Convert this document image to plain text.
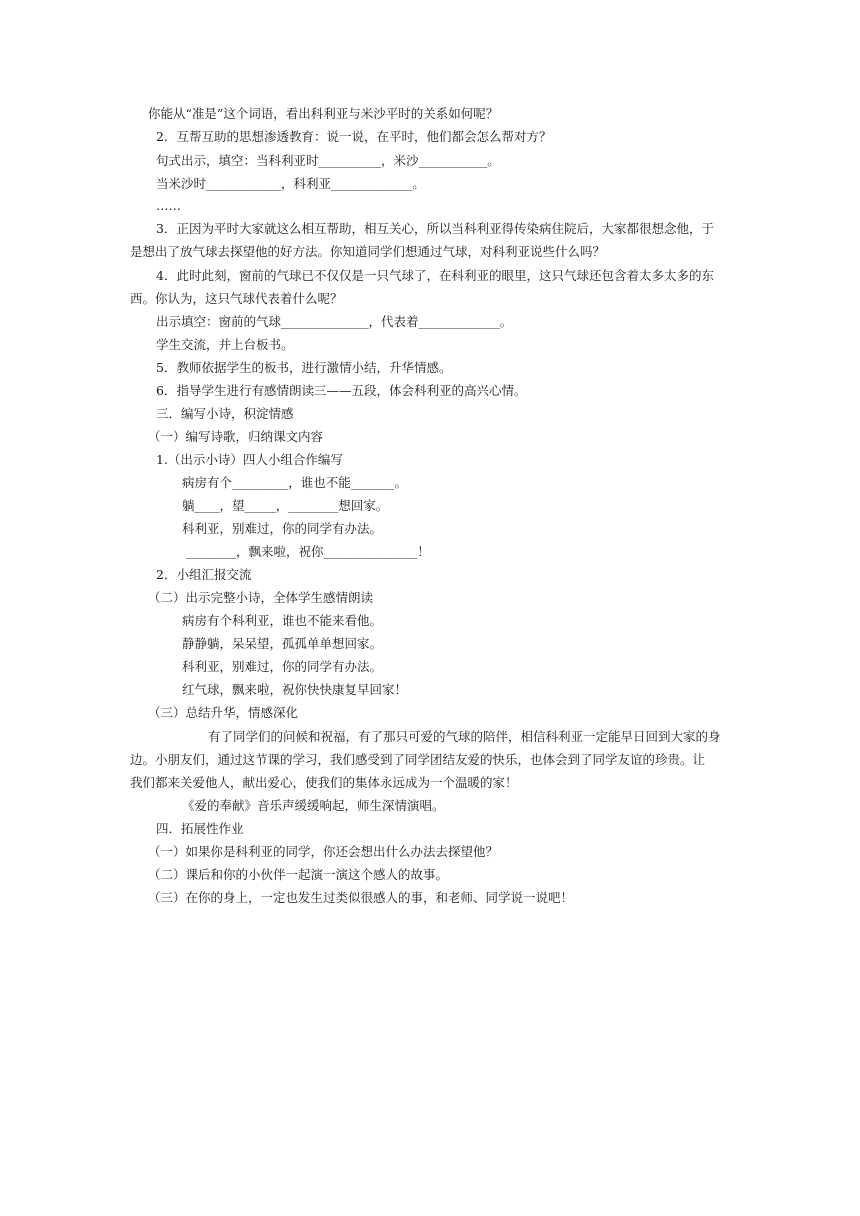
你能从“准是”这个词语，看出科利亚与米沙平时的关系如何呢？
2．互帮互助的思想渗透教育：说一说，在平时，他们都会怎么帮对方？
句式出示，填空：当科利亚时__________，米沙___________。
当米沙时____________，科利亚_____________。
……
3．正因为平时大家就这么相互帮助，相互关心，所以当科利亚得传染病住院后，大家都很想念他，于
是想出了放气球去探望他的好方法。你知道同学们想通过气球，对科利亚说些什么吗？
4．此时此刻，窗前的气球已不仅仅是一只气球了，在科利亚的眼里，这只气球还包含着太多太多的东
西。你认为，这只气球代表着什么呢？
出示填空：窗前的气球______________，代表着_____________。
学生交流，并上台板书。
5．教师依据学生的板书，进行激情小结，升华情感。
6．指导学生进行有感情朗读三——五段，体会科利亚的高兴心情。
三．编写小诗，积淀情感
（一）编写诗歌，归纳课文内容
1.（出示小诗）四人小组合作编写
病房有个_________，谁也不能_______。
躺____，望_____，________想回家。
科利亚，别难过，你的同学有办法。
________，飘来啦，祝你_______________！
2．小组汇报交流
（二）出示完整小诗，全体学生感情朗读
病房有个科利亚，谁也不能来看他。
静静躺，呆呆望，孤孤单单想回家。
科利亚，别难过，你的同学有办法。
红气球，飘来啦，祝你快快康复早回家！
（三）总结升华，情感深化
有了同学们的问候和祝福，有了那只可爱的气球的陪伴，相信科利亚一定能早日回到大家的身
边。小朋友们，通过这节课的学习，我们感受到了同学团结友爱的快乐，也体会到了同学友谊的珍贵。让
我们都来关爱他人，献出爱心，使我们的集体永远成为一个温暖的家！
《爱的奉献》音乐声缓缓响起，师生深情演唱。
四．拓展性作业
（一）如果你是科利亚的同学，你还会想出什么办法去探望他？
（二）课后和你的小伙伴一起演一演这个感人的故事。
（三）在你的身上，一定也发生过类似很感人的事，和老师、同学说一说吧！
